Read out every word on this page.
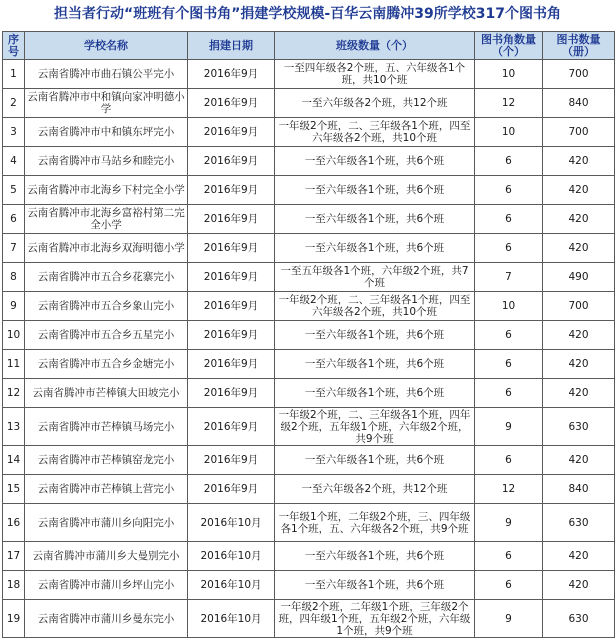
担当者行动“班班有个图书角”捐建学校规模-百华云南腾冲39所学校317个图书角
序号	学校名称	捐建日期	班级数量（个）	图书角数量（个）	图书数量（册）
1	云南省腾冲市曲石镇公平完小	2016年9月	一至四年级各2个班，五、六年级各1个班，共10个班	10	700
2	云南省腾冲市中和镇向家冲明德小学	2016年9月	一至六年级各2个班，共12个班	12	840
3	云南省腾冲市中和镇东坪完小	2016年9月	一年级2个班，二、三年级各1个班，四至六年级各2个班，共10个班	10	700
4	云南省腾冲市马站乡和睦完小	2016年9月	一至六年级各1个班，共6个班	6	420
5	云南省腾冲市北海乡下村完全小学	2016年9月	一至六年级各1个班，共6个班	6	420
6	云南省腾冲市北海乡富裕村第二完全小学	2016年9月	一至六年级各1个班，共6个班	6	420
7	云南省腾冲市北海乡双海明德小学	2016年9月	一至六年级各1个班，共6个班	6	420
8	云南省腾冲市五合乡花寨完小	2016年9月	一至五年级各1个班，六年级2个班，共7个班	7	490
9	云南省腾冲市五合乡象山完小	2016年9月	一年级2个班，二、三年级各1个班，四至六年级各2个班，共10个班	10	700
10	云南省腾冲市五合乡五星完小	2016年9月	一至六年级各1个班，共6个班	6	420
11	云南省腾冲市五合乡金塘完小	2016年9月	一至六年级各1个班，共6个班	6	420
12	云南省腾冲市芒棒镇大田坡完小	2016年9月	一至六年级各1个班，共6个班	6	420
13	云南省腾冲市芒棒镇马场完小	2016年9月	一年级2个班，二、三年级各1个班，四年级2个班，五年级1个班，六年级2个班，共9个班	9	630
14	云南省腾冲市芒棒镇窑龙完小	2016年9月	一至六年级各1个班，共6个班	6	420
15	云南省腾冲市芒棒镇上营完小	2016年9月	一至六年级各2个班，共12个班	12	840
16	云南省腾冲市蒲川乡向阳完小	2016年10月	一年级1个班，二年级2个班，三、四年级各1个班，五、六年级各2个班，共9个班	9	630
17	云南省腾冲市蒲川乡大曼别完小	2016年10月	一至六年级各1个班，共6个班	6	420
18	云南省腾冲市蒲川乡坪山完小	2016年10月	一至六年级各1个班，共6个班	6	420
19	云南省腾冲市蒲川乡曼东完小	2016年10月	一年级2个班，二年级1个班，三年级2个班，四年级1个班，五年级2个班，六年级1个班，共9个班	9	630
